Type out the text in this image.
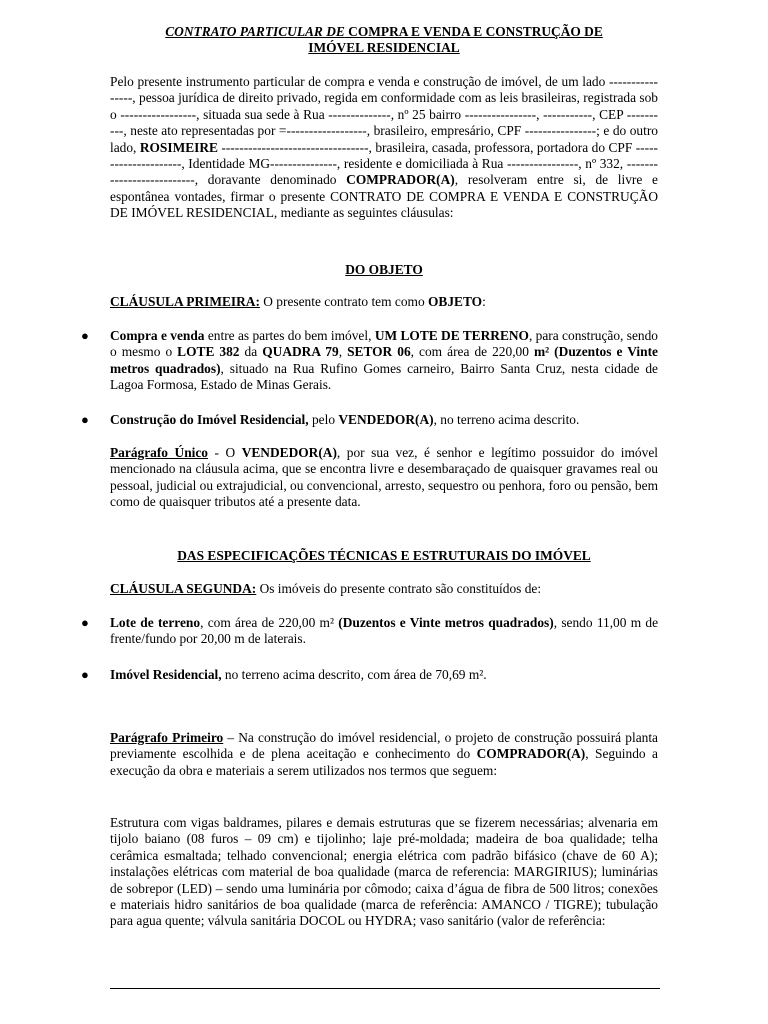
CONTRATO PARTICULAR DE COMPRA E VENDA E CONSTRUÇÃO DE
IMÓVEL RESIDENCIAL

Pelo presente instrumento particular de compra e venda e construção de imóvel, de um lado ----------------, pessoa jurídica de direito privado, regida em conformidade com as leis brasileiras, registrada sob o -----------------, situada sua sede à Rua --------------, nº 25 bairro ----------------, -----------, CEP ----------, neste ato representadas por =------------------, brasileiro, empresário, CPF ----------------; e do outro lado, ROSIMEIRE ---------------------------------, brasileira, casada, professora, portadora do CPF ---------------------, Identidade MG---------------, residente e domiciliada à Rua ----------------, nº 332, --------------------------, doravante denominado COMPRADOR(A), resolveram entre si, de livre e espontânea vontades, firmar o presente CONTRATO DE COMPRA E VENDA E CONSTRUÇÃO DE IMÓVEL RESIDENCIAL, mediante as seguintes cláusulas:

DO OBJETO

CLÁUSULA PRIMEIRA: O presente contrato tem como OBJETO:

● Compra e venda entre as partes do bem imóvel, UM LOTE DE TERRENO, para construção, sendo o mesmo o LOTE 382 da QUADRA 79, SETOR 06, com área de 220,00 m² (Duzentos e Vinte metros quadrados), situado na Rua Rufino Gomes carneiro, Bairro Santa Cruz, nesta cidade de Lagoa Formosa, Estado de Minas Gerais.

● Construção do Imóvel Residencial, pelo VENDEDOR(A), no terreno acima descrito.

Parágrafo Único - O VENDEDOR(A), por sua vez, é senhor e legítimo possuidor do imóvel mencionado na cláusula acima, que se encontra livre e desembaraçado de quaisquer gravames real ou pessoal, judicial ou extrajudicial, ou convencional, arresto, sequestro ou penhora, foro ou pensão, bem como de quaisquer tributos até a presente data.

DAS ESPECIFICAÇÕES TÉCNICAS E ESTRUTURAIS DO IMÓVEL

CLÁUSULA SEGUNDA: Os imóveis do presente contrato são constituídos de:

● Lote de terreno, com área de 220,00 m² (Duzentos e Vinte metros quadrados), sendo 11,00 m de frente/fundo por 20,00 m de laterais.

● Imóvel Residencial, no terreno acima descrito, com área de 70,69 m².

Parágrafo Primeiro – Na construção do imóvel residencial, o projeto de construção possuirá planta previamente escolhida e de plena aceitação e conhecimento do COMPRADOR(A), Seguindo a execução da obra e materiais a serem utilizados nos termos que seguem:

Estrutura com vigas baldrames, pilares e demais estruturas que se fizerem necessárias; alvenaria em tijolo baiano (08 furos – 09 cm) e tijolinho; laje pré-moldada; madeira de boa qualidade; telha cerâmica esmaltada; telhado convencional; energia elétrica com padrão bifásico (chave de 60 A); instalações elétricas com material de boa qualidade (marca de referencia: MARGIRIUS); luminárias de sobrepor (LED) – sendo uma luminária por cômodo; caixa d’água de fibra de 500 litros; conexões e materiais hidro sanitários de boa qualidade (marca de referência: AMANCO / TIGRE); tubulação para agua quente; válvula sanitária DOCOL ou HYDRA; vaso sanitário (valor de referência:
